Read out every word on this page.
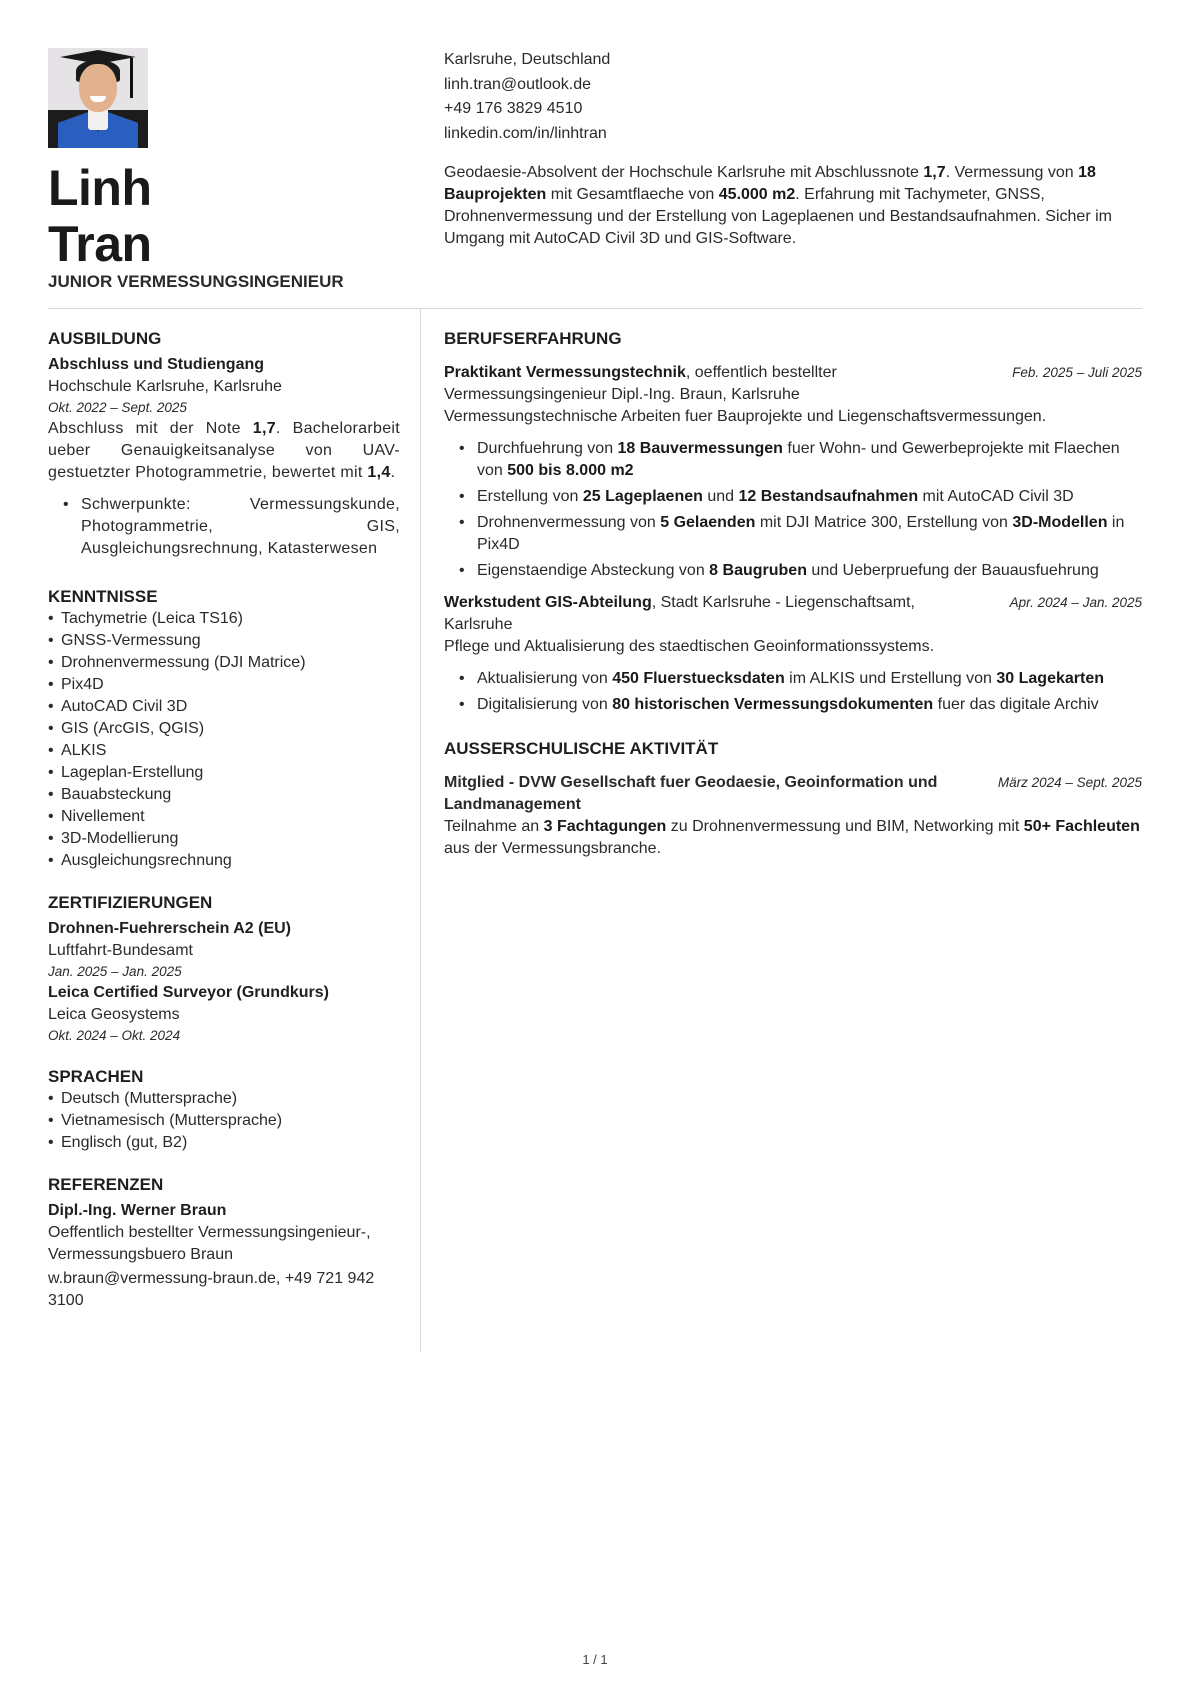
Linh
Tran
JUNIOR VERMESSUNGSINGENIEUR
Karlsruhe, Deutschland
linh.tran@outlook.de
+49 176 3829 4510
linkedin.com/in/linhtran
Geodaesie-Absolvent der Hochschule Karlsruhe mit Abschlussnote 1,7. Vermessung von 18 Bauprojekten mit Gesamtflaeche von 45.000 m2. Erfahrung mit Tachymeter, GNSS, Drohnenvermessung und der Erstellung von Lageplaenen und Bestandsaufnahmen. Sicher im Umgang mit AutoCAD Civil 3D und GIS-Software.
AUSBILDUNG
Abschluss und Studiengang
Hochschule Karlsruhe, Karlsruhe
Okt. 2022 – Sept. 2025
Abschluss mit der Note 1,7. Bachelorarbeit ueber Genauigkeitsanalyse von UAV-gestuetzter Photogrammetrie, bewertet mit 1,4.
• Schwerpunkte: Vermessungskunde, Photogrammetrie, GIS, Ausgleichungsrechnung, Katasterwesen
KENNTNISSE
• Tachymetrie (Leica TS16)
• GNSS-Vermessung
• Drohnenvermessung (DJI Matrice)
• Pix4D
• AutoCAD Civil 3D
• GIS (ArcGIS, QGIS)
• ALKIS
• Lageplan-Erstellung
• Bauabsteckung
• Nivellement
• 3D-Modellierung
• Ausgleichungsrechnung
ZERTIFIZIERUNGEN
Drohnen-Fuehrerschein A2 (EU)
Luftfahrt-Bundesamt
Jan. 2025 – Jan. 2025
Leica Certified Surveyor (Grundkurs)
Leica Geosystems
Okt. 2024 – Okt. 2024
SPRACHEN
• Deutsch (Muttersprache)
• Vietnamesisch (Muttersprache)
• Englisch (gut, B2)
REFERENZEN
Dipl.-Ing. Werner Braun
Oeffentlich bestellter Vermessungsingenieur-, Vermessungsbuero Braun
w.braun@vermessung-braun.de, +49 721 942 3100
BERUFSERFAHRUNG
Praktikant Vermessungstechnik, oeffentlich bestellter Vermessungsingenieur Dipl.-Ing. Braun, Karlsruhe
Feb. 2025 – Juli 2025
Vermessungstechnische Arbeiten fuer Bauprojekte und Liegenschaftsvermessungen.
• Durchfuehrung von 18 Bauvermessungen fuer Wohn- und Gewerbeprojekte mit Flaechen von 500 bis 8.000 m2
• Erstellung von 25 Lageplaenen und 12 Bestandsaufnahmen mit AutoCAD Civil 3D
• Drohnenvermessung von 5 Gelaenden mit DJI Matrice 300, Erstellung von 3D-Modellen in Pix4D
• Eigenstaendige Absteckung von 8 Baugruben und Ueberpruefung der Bauausfuehrung
Werkstudent GIS-Abteilung, Stadt Karlsruhe - Liegenschaftsamt, Karlsruhe
Apr. 2024 – Jan. 2025
Pflege und Aktualisierung des staedtischen Geoinformationssystems.
• Aktualisierung von 450 Fluerstuecksdaten im ALKIS und Erstellung von 30 Lagekarten
• Digitalisierung von 80 historischen Vermessungsdokumenten fuer das digitale Archiv
AUSSERSCHULISCHE AKTIVITÄT
Mitglied - DVW Gesellschaft fuer Geodaesie, Geoinformation und Landmanagement
März 2024 – Sept. 2025
Teilnahme an 3 Fachtagungen zu Drohnenvermessung und BIM, Networking mit 50+ Fachleuten aus der Vermessungsbranche.
1 / 1
